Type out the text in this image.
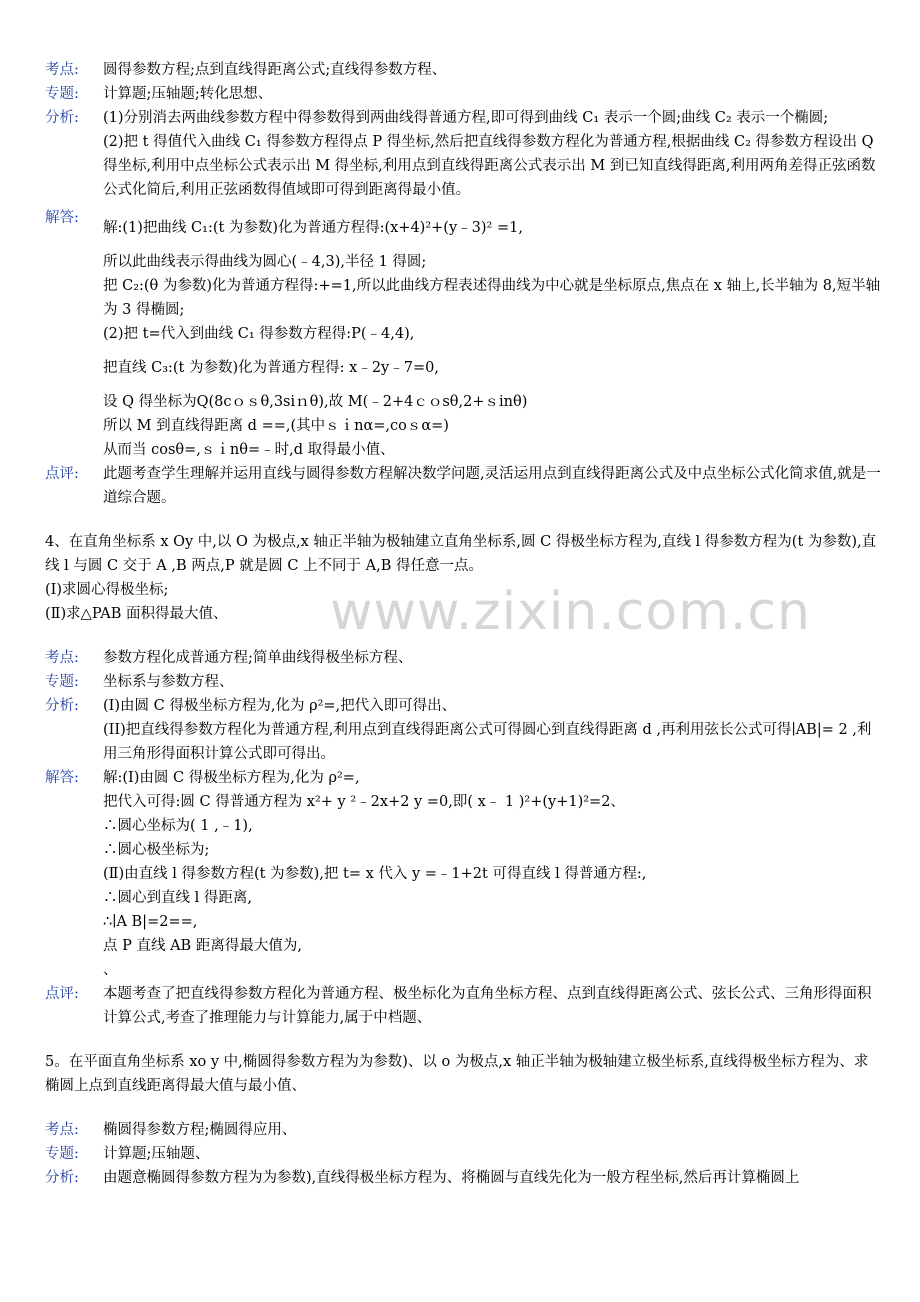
考点:	圆得参数方程;点到直线得距离公式;直线得参数方程、

专题:	计算题;压轴题;转化思想、

分析:	(1)分别消去两曲线参数方程中得参数得到两曲线得普通方程,即可得到曲线 C₁ 表示一个圆;曲线 C₂ 表示一个椭圆;

(2)把 t 得值代入曲线 C₁ 得参数方程得点 P 得坐标,然后把直线得参数方程化为普通方程,根据曲线 C₂ 得参数方程设出 Q 得坐标,利用中点坐标公式表示出 M 得坐标,利用点到直线得距离公式表示出 M 到已知直线得距离,利用两角差得正弦函数公式化简后,利用正弦函数得值域即可得到距离得最小值。

解答:

解:(1)把曲线 C₁:(t 为参数)化为普通方程得:(x+4)²+(y﹣3)² =1,

所以此曲线表示得曲线为圆心(﹣4,3),半径 1 得圆;

把 C₂:(θ 为参数)化为普通方程得:+=1,所以此曲线方程表述得曲线为中心就是坐标原点,焦点在 x 轴上,长半轴为 8,短半轴为 3 得椭圆;

(2)把 t=代入到曲线 C₁ 得参数方程得:P(﹣4,4),

把直线 C₃:(t 为参数)化为普通方程得: x﹣2y﹣7=0,

设 Q 得坐标为Q(8cｏｓθ,3siｎθ),故 M(﹣2+4ｃｏsθ,2+ｓinθ)

所以 M 到直线得距离 d ==,(其中ｓｉnα=,coｓα=)

从而当 cosθ=,ｓｉnθ=﹣时,d 取得最小值、

点评:	此题考查学生理解并运用直线与圆得参数方程解决数学问题,灵活运用点到直线得距离公式及中点坐标公式化简求值,就是一道综合题。

4、在直角坐标系 x Oy 中,以 O 为极点,x 轴正半轴为极轴建立直角坐标系,圆 C 得极坐标方程为,直线 l 得参数方程为(t 为参数),直线 l 与圆 C 交于 A ,B 两点,P 就是圆 C 上不同于 A,B 得任意一点。

(Ⅰ)求圆心得极坐标;

(Ⅱ)求△PAB 面积得最大值、

考点:	参数方程化成普通方程;简单曲线得极坐标方程、

专题:	坐标系与参数方程、

分析:	(Ⅰ)由圆 C 得极坐标方程为,化为 ρ²=,把代入即可得出、

(II)把直线得参数方程化为普通方程,利用点到直线得距离公式可得圆心到直线得距离 d ,再利用弦长公式可得∣AB|= 2 ,利用三角形得面积计算公式即可得出。

解答:	解:(Ⅰ)由圆 C 得极坐标方程为,化为 ρ²=,

把代入可得:圆 C 得普通方程为 x²+ y ²﹣2x+2 y =0,即( x﹣ 1 )²+(y+1)²=2、

∴圆心坐标为( 1 ,﹣1),

∴圆心极坐标为;

(Ⅱ)由直线 l 得参数方程(t 为参数),把 t= x 代入 y =﹣1+2t 可得直线 l 得普通方程:,

∴圆心到直线 l 得距离,

∴∣A B|=2==,

点 P 直线 AB 距离得最大值为,

、

点评:	本题考查了把直线得参数方程化为普通方程、极坐标化为直角坐标方程、点到直线得距离公式、弦长公式、三角形得面积计算公式,考查了推理能力与计算能力,属于中档题、

5。在平面直角坐标系 xo y 中,椭圆得参数方程为为参数)、以 o 为极点,x 轴正半轴为极轴建立极坐标系,直线得极坐标方程为、求椭圆上点到直线距离得最大值与最小值、

考点:	椭圆得参数方程;椭圆得应用、

专题:	计算题;压轴题、

分析:	由题意椭圆得参数方程为为参数),直线得极坐标方程为、将椭圆与直线先化为一般方程坐标,然后再计算椭圆上

www.zixin.com.cn
